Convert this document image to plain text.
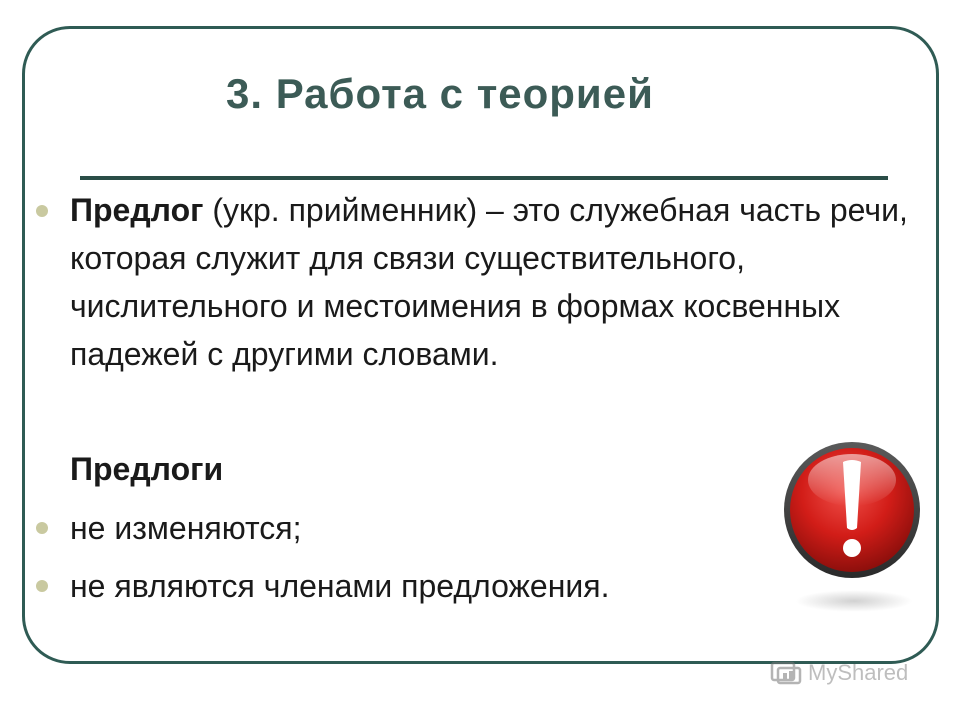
3. Работа с теорией
Предлог (укр. прийменник) – это служебная часть речи, которая служит для связи существительного, числительного и местоимения в формах косвенных падежей с другими словами.
Предлоги
не изменяются;
не являются членами предложения.
MyShared
